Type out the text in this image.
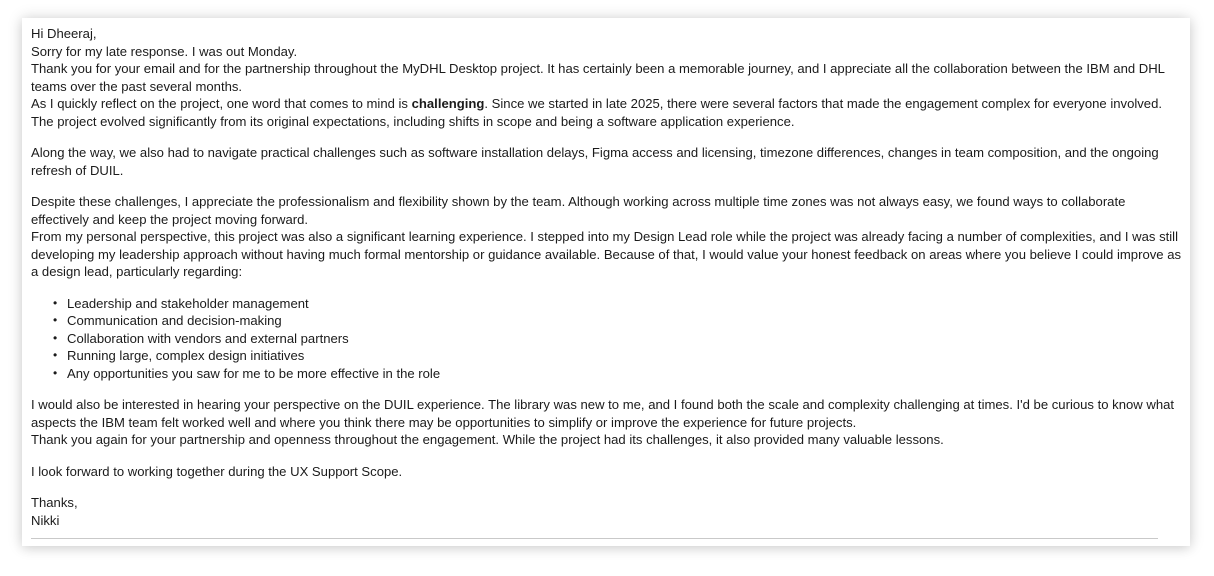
Hi Dheeraj,

Sorry for my late response. I was out Monday.

Thank you for your email and for the partnership throughout the MyDHL Desktop project. It has certainly been a memorable journey, and I appreciate all the collaboration between the IBM and DHL teams over the past several months.

As I quickly reflect on the project, one word that comes to mind is challenging. Since we started in late 2025, there were several factors that made the engagement complex for everyone involved. The project evolved significantly from its original expectations, including shifts in scope and being a software application experience.

Along the way, we also had to navigate practical challenges such as software installation delays, Figma access and licensing, timezone differences, changes in team composition, and the ongoing refresh of DUIL.

Despite these challenges, I appreciate the professionalism and flexibility shown by the team. Although working across multiple time zones was not always easy, we found ways to collaborate effectively and keep the project moving forward.

From my personal perspective, this project was also a significant learning experience. I stepped into my Design Lead role while the project was already facing a number of complexities, and I was still developing my leadership approach without having much formal mentorship or guidance available. Because of that, I would value your honest feedback on areas where you believe I could improve as a design lead, particularly regarding:

• Leadership and stakeholder management
• Communication and decision-making
• Collaboration with vendors and external partners
• Running large, complex design initiatives
• Any opportunities you saw for me to be more effective in the role

I would also be interested in hearing your perspective on the DUIL experience. The library was new to me, and I found both the scale and complexity challenging at times. I'd be curious to know what aspects the IBM team felt worked well and where you think there may be opportunities to simplify or improve the experience for future projects.

Thank you again for your partnership and openness throughout the engagement. While the project had its challenges, it also provided many valuable lessons.

I look forward to working together during the UX Support Scope.

Thanks,

Nikki
